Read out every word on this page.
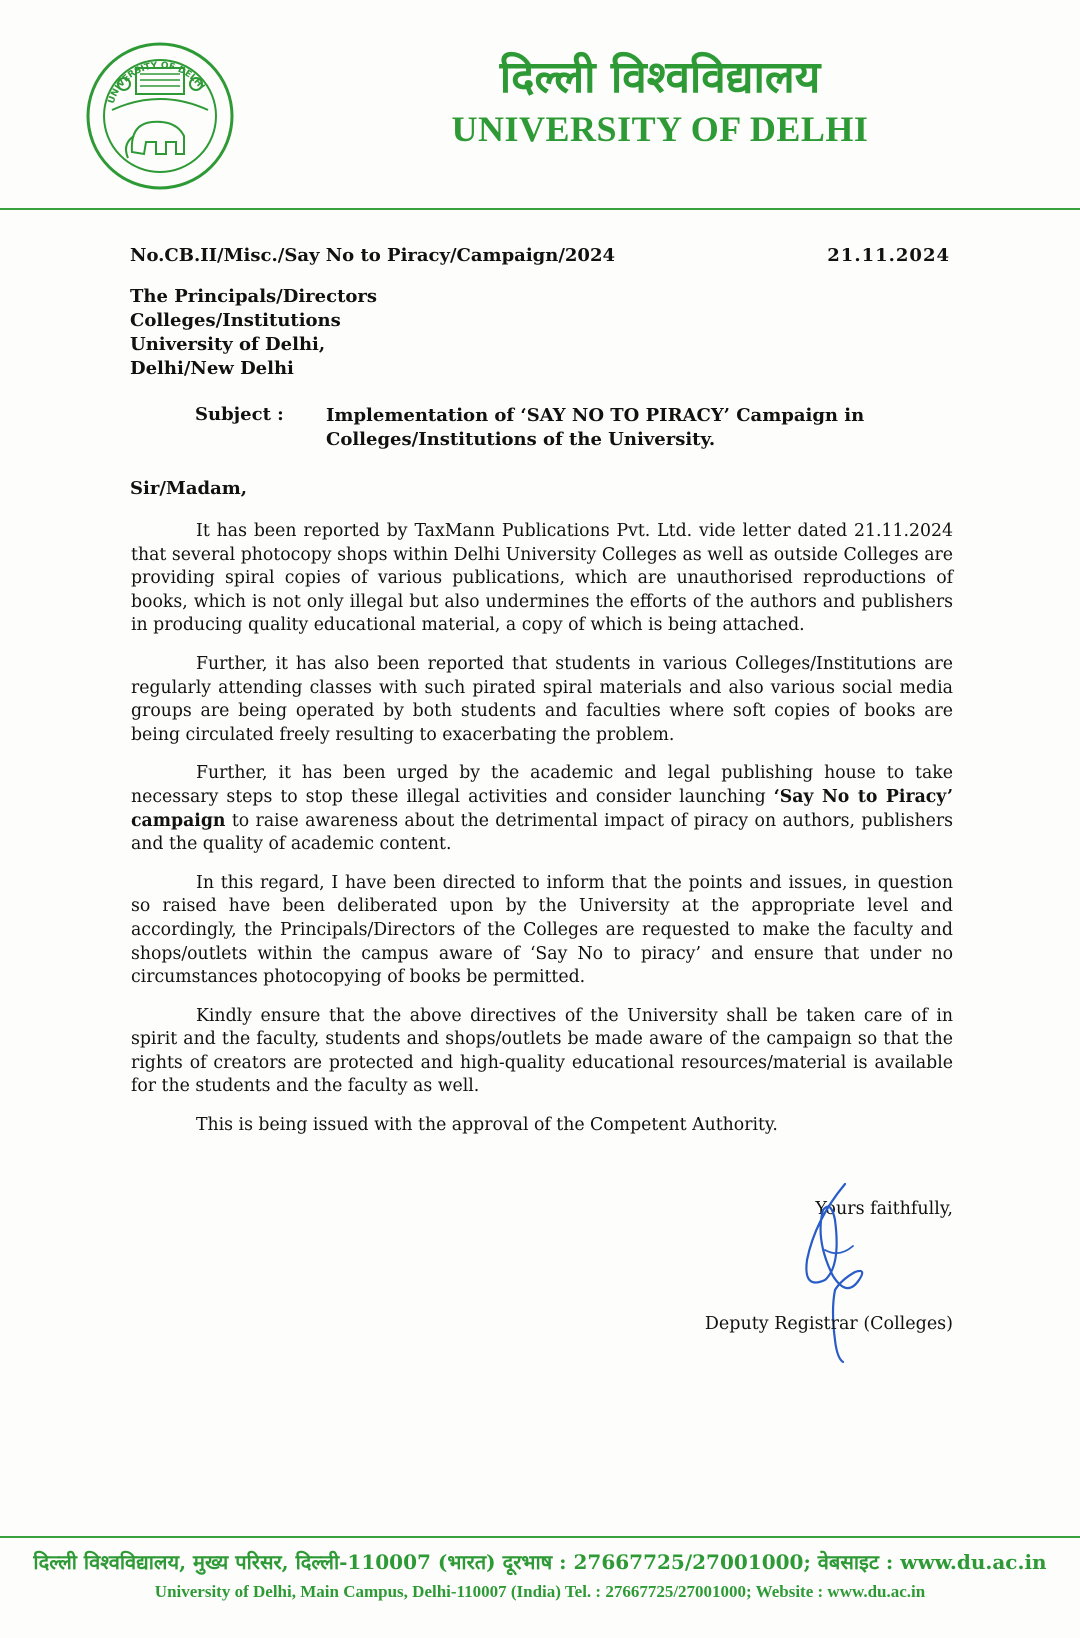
UNIVERSITY OF DELHI	दिल्ली विश्वविद्यालय
UNIVERSITY OF DELHI
No.CB.II/Misc./Say No to Piracy/Campaign/2024	21.11.2024
The Principals/Directors
Colleges/Institutions
University of Delhi,
Delhi/New Delhi
Subject : Implementation of ‘SAY NO TO PIRACY’ Campaign in Colleges/Institutions of the University.
Sir/Madam,

It has been reported by TaxMann Publications Pvt. Ltd. vide letter dated 21.11.2024 that several photocopy shops within Delhi University Colleges as well as outside Colleges are providing spiral copies of various publications, which are unauthorised reproductions of books, which is not only illegal but also undermines the efforts of the authors and publishers in producing quality educational material, a copy of which is being attached.

Further, it has also been reported that students in various Colleges/Institutions are regularly attending classes with such pirated spiral materials and also various social media groups are being operated by both students and faculties where soft copies of books are being circulated freely resulting to exacerbating the problem.

Further, it has been urged by the academic and legal publishing house to take necessary steps to stop these illegal activities and consider launching ‘Say No to Piracy’ campaign to raise awareness about the detrimental impact of piracy on authors, publishers and the quality of academic content.

In this regard, I have been directed to inform that the points and issues, in question so raised have been deliberated upon by the University at the appropriate level and accordingly, the Principals/Directors of the Colleges are requested to make the faculty and shops/outlets within the campus aware of ‘Say No to piracy’ and ensure that under no circumstances photocopying of books be permitted.

Kindly ensure that the above directives of the University shall be taken care of in spirit and the faculty, students and shops/outlets be made aware of the campaign so that the rights of creators are protected and high-quality educational resources/material is available for the students and the faculty as well.

This is being issued with the approval of the Competent Authority.

Yours faithfully,
Deputy Registrar (Colleges)
दिल्ली विश्वविद्यालय, मुख्य परिसर, दिल्ली-110007 (भारत) दूरभाष : 27667725/27001000; वेबसाइट : www.du.ac.in
University of Delhi, Main Campus, Delhi-110007 (India) Tel. : 27667725/27001000; Website : www.du.ac.in
